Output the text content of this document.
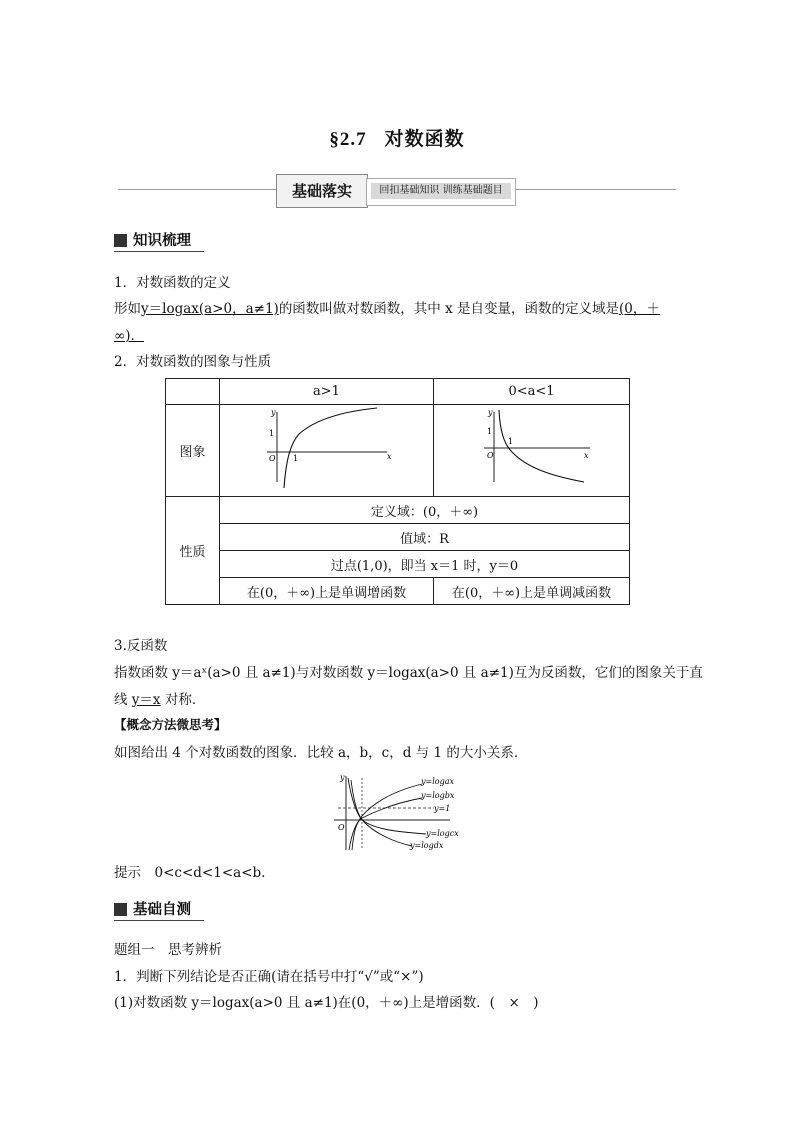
§2.7 对数函数
基础落实	回扣基础知识 训练基础题目
知识梳理
1．对数函数的定义
形如y＝logax(a>0，a≠1)的函数叫做对数函数，其中 x 是自变量，函数的定义域是(0，＋
∞)．
2．对数函数的图象与性质
	a>1	0<a<1
图象	y
1
O 1 x	y
1
O
1
x

性质	定义域：(0，＋∞)	
	值域：R	
	过点(1,0)，即当 x＝1 时，y＝0	
	在(0，＋∞)上是单调增函数	在(0，＋∞)上是单调减函数
3.反函数
指数函数 y＝aˣ(a>0 且 a≠1)与对数函数 y＝logax(a>0 且 a≠1)互为反函数，它们的图象关于直
线 y＝x 对称．
【概念方法微思考】
如图给出 4 个对数函数的图象．比较 a，b，c，d 与 1 的大小关系．
y=logax
y=logbx
y=1
y=logcx
y=logdx
y
O
提示　0<c<d<1<a<b.
基础自测
题组一　思考辨析
1．判断下列结论是否正确(请在括号中打“√”或“×”)
(1)对数函数 y＝logax(a>0 且 a≠1)在(0，＋∞)上是增函数．(　×　)
